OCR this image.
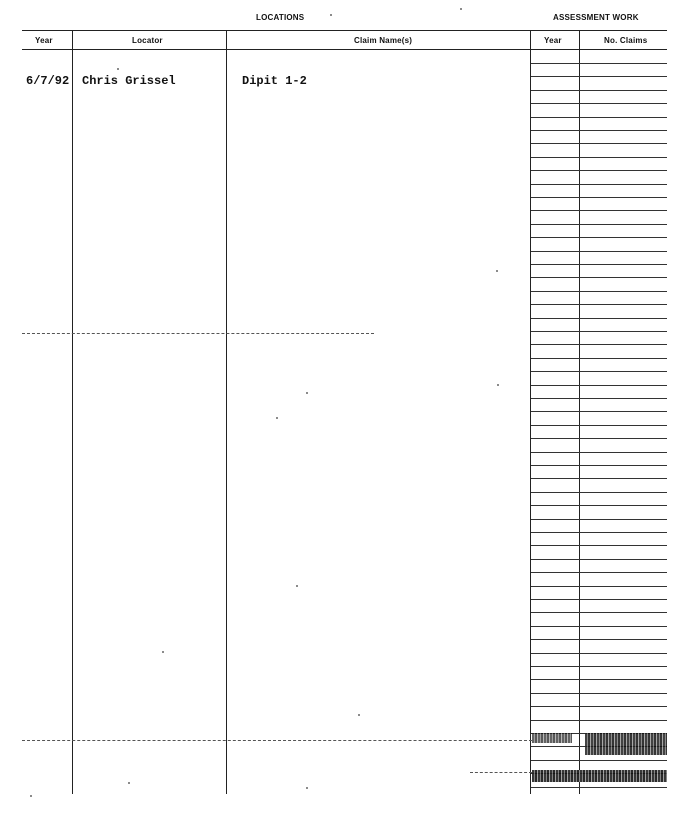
LOCATIONS	ASSESSMENT WORK
Year	Locator	Claim Name(s)	Year	No. Claims
6/7/92 Chris Grissel	Dipit 1-2
